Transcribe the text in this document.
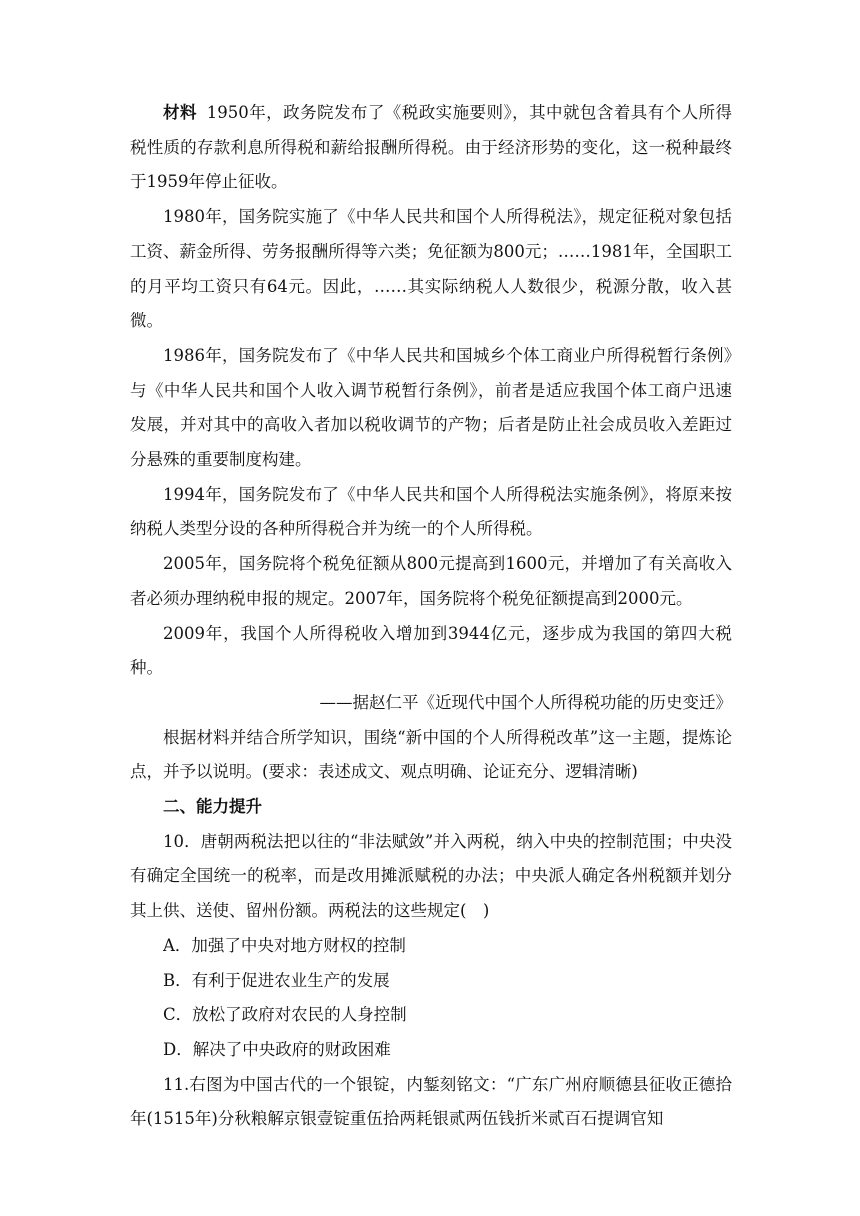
材料 1950年，政务院发布了《税政实施要则》，其中就包含着具有个人所得税性质的存款利息所得税和薪给报酬所得税。由于经济形势的变化，这一税种最终于1959年停止征收。

1980年，国务院实施了《中华人民共和国个人所得税法》，规定征税对象包括工资、薪金所得、劳务报酬所得等六类；免征额为800元；……1981年，全国职工的月平均工资只有64元。因此，……其实际纳税人人数很少，税源分散，收入甚微。

1986年，国务院发布了《中华人民共和国城乡个体工商业户所得税暂行条例》与《中华人民共和国个人收入调节税暂行条例》，前者是适应我国个体工商户迅速发展，并对其中的高收入者加以税收调节的产物；后者是防止社会成员收入差距过分悬殊的重要制度构建。

1994年，国务院发布了《中华人民共和国个人所得税法实施条例》，将原来按纳税人类型分设的各种所得税合并为统一的个人所得税。

2005年，国务院将个税免征额从800元提高到1600元，并增加了有关高收入者必须办理纳税申报的规定。2007年，国务院将个税免征额提高到2000元。

2009年，我国个人所得税收入增加到3944亿元，逐步成为我国的第四大税种。

——据赵仁平《近现代中国个人所得税功能的历史变迁》

根据材料并结合所学知识，围绕“新中国的个人所得税改革”这一主题，提炼论点，并予以说明。(要求：表述成文、观点明确、论证充分、逻辑清晰)

二、能力提升

10．唐朝两税法把以往的“非法赋敛”并入两税，纳入中央的控制范围；中央没有确定全国统一的税率，而是改用摊派赋税的办法；中央派人确定各州税额并划分其上供、送使、留州份额。两税法的这些规定(　)

A．加强了中央对地方财权的控制

B．有利于促进农业生产的发展

C．放松了政府对农民的人身控制

D．解决了中央政府的财政困难

11.右图为中国古代的一个银锭，内錾刻铭文：“广东广州府顺德县征收正德拾年(1515年)分秋粮解京银壹锭重伍拾两耗银贰两伍钱折米贰百石提调官知
